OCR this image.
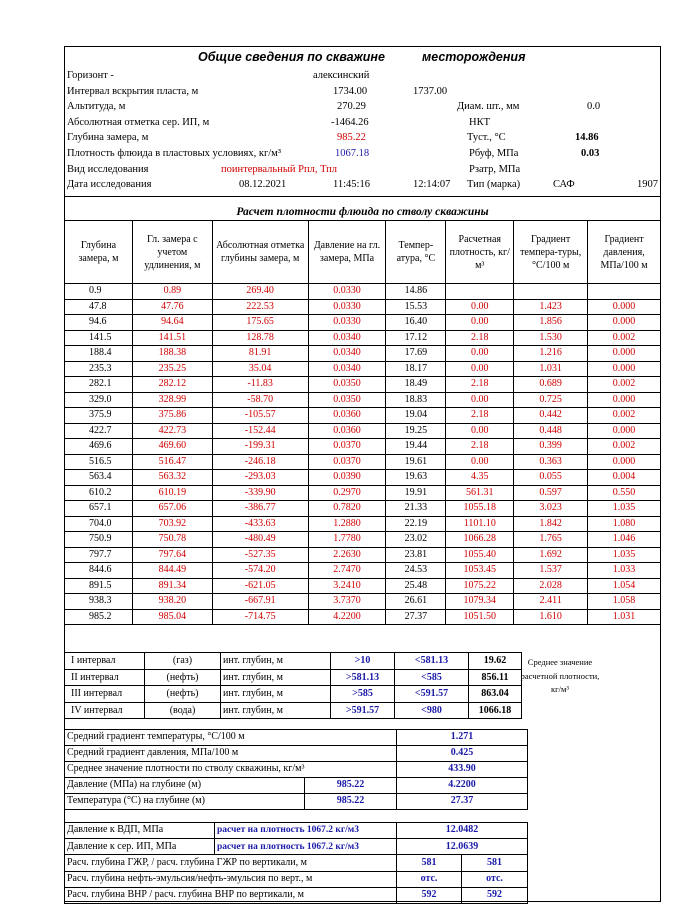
Общие сведения по скважине	месторождения
Горизонт -	алексинский
Интервал вскрытия пласта, м	1734.00	1737.00
Альтитуда, м	270.29	Диам. шт., мм	0.0
Абсолютная отметка сер. ИП, м	-1464.26	НКТ
Глубина замера, м	985.22	Туст., °С	14.86
Плотность флюида в пластовых условиях, кг/м³	1067.18	Рбуф, МПа	0.03
Вид исследования	поинтервальный Рпл, Тпл	Рзатр, МПа
Дата исследования	08.12.2021	11:45:16	12:14:07 Тип (марка)	САФ	1907
Расчет плотности флюида по стволу скважины
Глубина замера, м	Гл. замера с учетом удлинения, м	Абсолютная отметка глубины замера, м	Давление на гл. замера, МПа	Темпер-атура, °С	Расчетная плотность, кг/м³	Градиент темпера-туры, °С/100 м	Градиент давления, МПа/100 м
0.9	0.89	269.40	0.0330	14.86			
47.8	47.76	222.53	0.0330	15.53	0.00	1.423	0.000
94.6	94.64	175.65	0.0330	16.40	0.00	1.856	0.000
141.5	141.51	128.78	0.0340	17.12	2.18	1.530	0.002
188.4	188.38	81.91	0.0340	17.69	0.00	1.216	0.000
235.3	235.25	35.04	0.0340	18.17	0.00	1.031	0.000
282.1	282.12	-11.83	0.0350	18.49	2.18	0.689	0.002
329.0	328.99	-58.70	0.0350	18.83	0.00	0.725	0.000
375.9	375.86	-105.57	0.0360	19.04	2.18	0.442	0.002
422.7	422.73	-152.44	0.0360	19.25	0.00	0.448	0.000
469.6	469.60	-199.31	0.0370	19.44	2.18	0.399	0.002
516.5	516.47	-246.18	0.0370	19.61	0.00	0.363	0.000
563.4	563.32	-293.03	0.0390	19.63	4.35	0.055	0.004
610.2	610.19	-339.90	0.2970	19.91	561.31	0.597	0.550
657.1	657.06	-386.77	0.7820	21.33	1055.18	3.023	1.035
704.0	703.92	-433.63	1.2880	22.19	1101.10	1.842	1.080
750.9	750.78	-480.49	1.7780	23.02	1066.28	1.765	1.046
797.7	797.64	-527.35	2.2630	23.81	1055.40	1.692	1.035
844.6	844.49	-574.20	2.7470	24.53	1053.45	1.537	1.033
891.5	891.34	-621.05	3.2410	25.48	1075.22	2.028	1.054
938.3	938.20	-667.91	3.7370	26.61	1079.34	2.411	1.058
985.2	985.04	-714.75	4.2200	27.37	1051.50	1.610	1.031
I интервал	(газ)	инт. глубин, м	>10	<581.13	19.62
II интервал	(нефть)	инт. глубин, м	>581.13	<585	856.11
III интервал	(нефть)	инт. глубин, м	>585	<591.57	863.04
IV интервал	(вода)	инт. глубин, м	>591.57	<980	1066.18
Среднее значение расчетной плотности, кг/м³
Средний градиент температуры, °С/100 м		1.271
Средний градиент давления, МПа/100 м		0.425
Среднее значение плотности по стволу скважины, кг/м³		433.90
Давление (МПа) на глубине (м)	985.22	4.2200
Температура (°С) на глубине (м)	985.22	27.37
Давление к ВДП, МПа	расчет на плотность 1067.2 кг/м3	12.0482	
Давление к сер. ИП, МПа	расчет на плотность 1067.2 кг/м3	12.0639	
Расч. глубина ГЖР, / расч. глубина ГЖР по вертикали, м		581	581
Расч. глубина нефть-эмульсия/нефть-эмульсия по верт., м		отс.	отс.
Расч. глубина ВНР / расч. глубина ВНР по вертикали, м		592	592
